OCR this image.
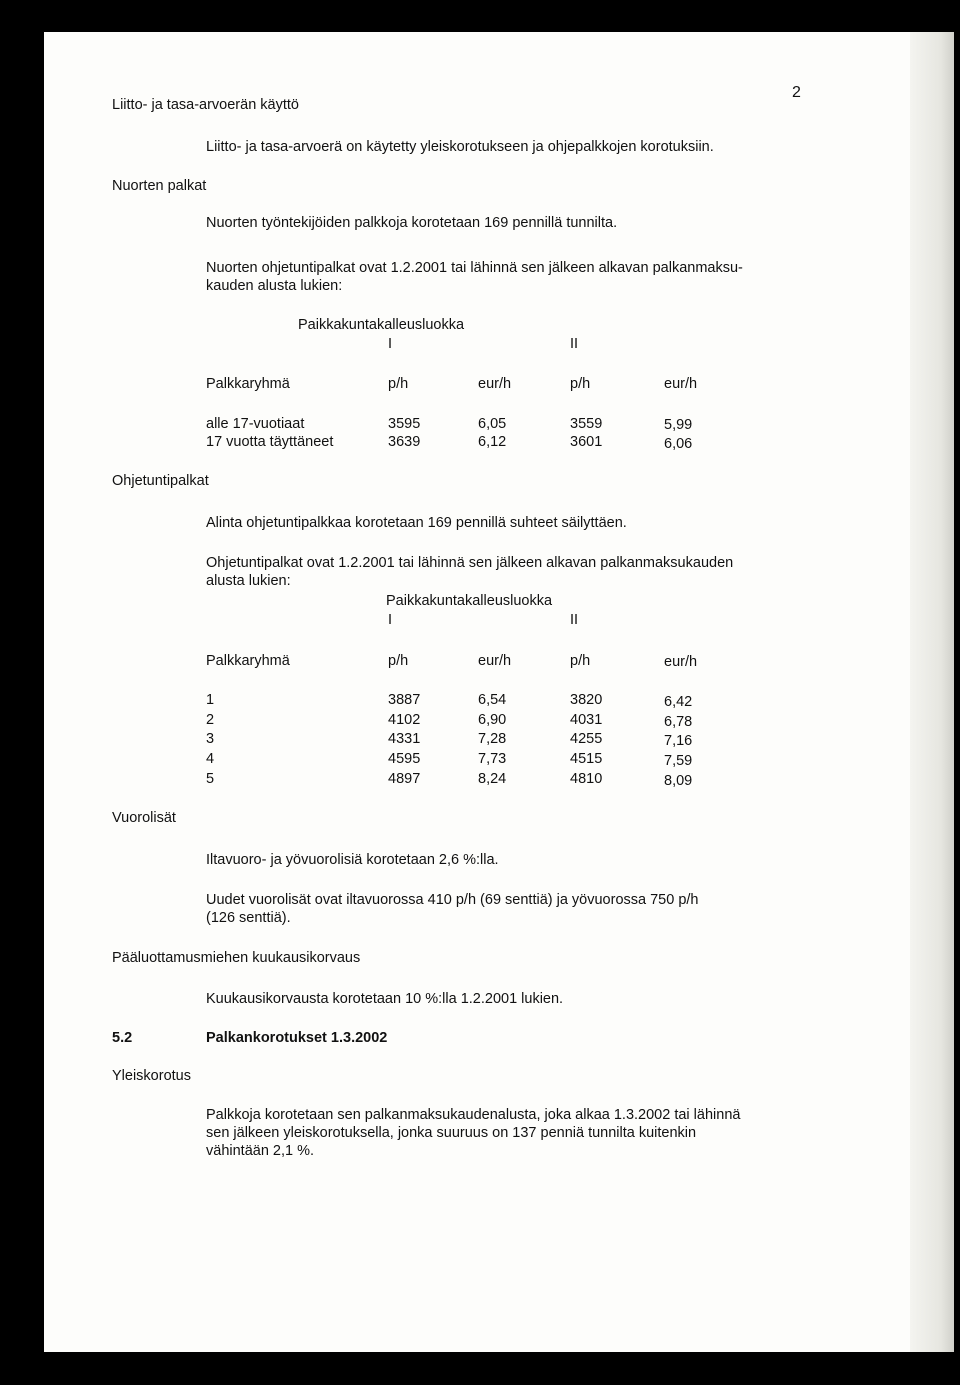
2
Liitto- ja tasa-arvoerän käyttö
Liitto- ja tasa-arvoerä on käytetty yleiskorotukseen ja ohjepalkkojen korotuksiin.
Nuorten palkat
Nuorten työntekijöiden palkkoja korotetaan 169 pennillä tunnilta.
Nuorten ohjetuntipalkat ovat 1.2.2001 tai lähinnä sen jälkeen alkavan palkanmaksu-
kauden alusta lukien:
Paikkakuntakalleusluokka
I	II
Palkkaryhmä	p/h	eur/h	p/h	eur/h
alle 17-vuotiaat	3595	6,05	3559	5,99
17 vuotta täyttäneet	3639	6,12	3601	6,06
Ohjetuntipalkat
Alinta ohjetuntipalkkaa korotetaan 169 pennillä suhteet säilyttäen.
Ohjetuntipalkat ovat 1.2.2001 tai lähinnä sen jälkeen alkavan palkanmaksukauden
alusta lukien:
Paikkakuntakalleusluokka
I	II
Palkkaryhmä	p/h	eur/h	p/h	eur/h
1	3887	6,54	3820	6,42
2	4102	6,90	4031	6,78
3	4331	7,28	4255	7,16
4	4595	7,73	4515	7,59
5	4897	8,24	4810	8,09
Vuorolisät
Iltavuoro- ja yövuorolisiä korotetaan 2,6 %:lla.
Uudet vuorolisät ovat iltavuorossa 410 p/h (69 senttiä) ja yövuorossa 750 p/h
(126 senttiä).
Pääluottamusmiehen kuukausikorvaus
Kuukausikorvausta korotetaan 10 %:lla 1.2.2001 lukien.
5.2	Palkankorotukset 1.3.2002
Yleiskorotus
Palkkoja korotetaan sen palkanmaksukaudenalusta, joka alkaa 1.3.2002 tai lähinnä
sen jälkeen yleiskorotuksella, jonka suuruus on 137 penniä tunnilta kuitenkin
vähintään 2,1 %.
